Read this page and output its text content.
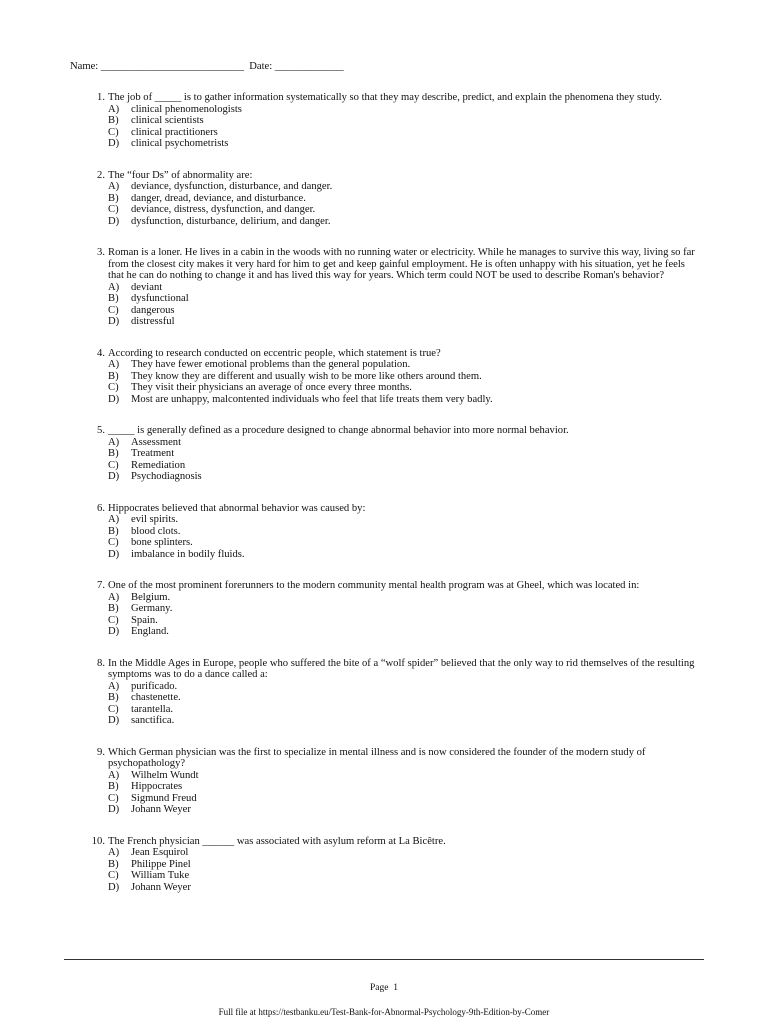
Name: ___________________________ Date: _____________
1. The job of _____ is to gather information systematically so that they may describe, predict, and explain the phenomena they study.
A) clinical phenomenologists
B) clinical scientists
C) clinical practitioners
D) clinical psychometrists
2. The “four Ds” of abnormality are:
A) deviance, dysfunction, disturbance, and danger.
B) danger, dread, deviance, and disturbance.
C) deviance, distress, dysfunction, and danger.
D) dysfunction, disturbance, delirium, and danger.
3. Roman is a loner. He lives in a cabin in the woods with no running water or electricity. While he manages to survive this way, living so far from the closest city makes it very hard for him to get and keep gainful employment. He is often unhappy with his situation, yet he feels that he can do nothing to change it and has lived this way for years. Which term could NOT be used to describe Roman's behavior?
A) deviant
B) dysfunctional
C) dangerous
D) distressful
4. According to research conducted on eccentric people, which statement is true?
A) They have fewer emotional problems than the general population.
B) They know they are different and usually wish to be more like others around them.
C) They visit their physicians an average of once every three months.
D) Most are unhappy, malcontented individuals who feel that life treats them very badly.
5. _____ is generally defined as a procedure designed to change abnormal behavior into more normal behavior.
A) Assessment
B) Treatment
C) Remediation
D) Psychodiagnosis
6. Hippocrates believed that abnormal behavior was caused by:
A) evil spirits.
B) blood clots.
C) bone splinters.
D) imbalance in bodily fluids.
7. One of the most prominent forerunners to the modern community mental health program was at Gheel, which was located in:
A) Belgium.
B) Germany.
C) Spain.
D) England.
8. In the Middle Ages in Europe, people who suffered the bite of a “wolf spider” believed that the only way to rid themselves of the resulting symptoms was to do a dance called a:
A) purificado.
B) chastenette.
C) tarantella.
D) sanctifica.
9. Which German physician was the first to specialize in mental illness and is now considered the founder of the modern study of psychopathology?
A) Wilhelm Wundt
B) Hippocrates
C) Sigmund Freud
D) Johann Weyer
10. The French physician ______ was associated with asylum reform at La Bicêtre.
A) Jean Esquirol
B) Philippe Pinel
C) William Tuke
D) Johann Weyer
Page 1
Full file at https://testbanku.eu/Test-Bank-for-Abnormal-Psychology-9th-Edition-by-Comer
